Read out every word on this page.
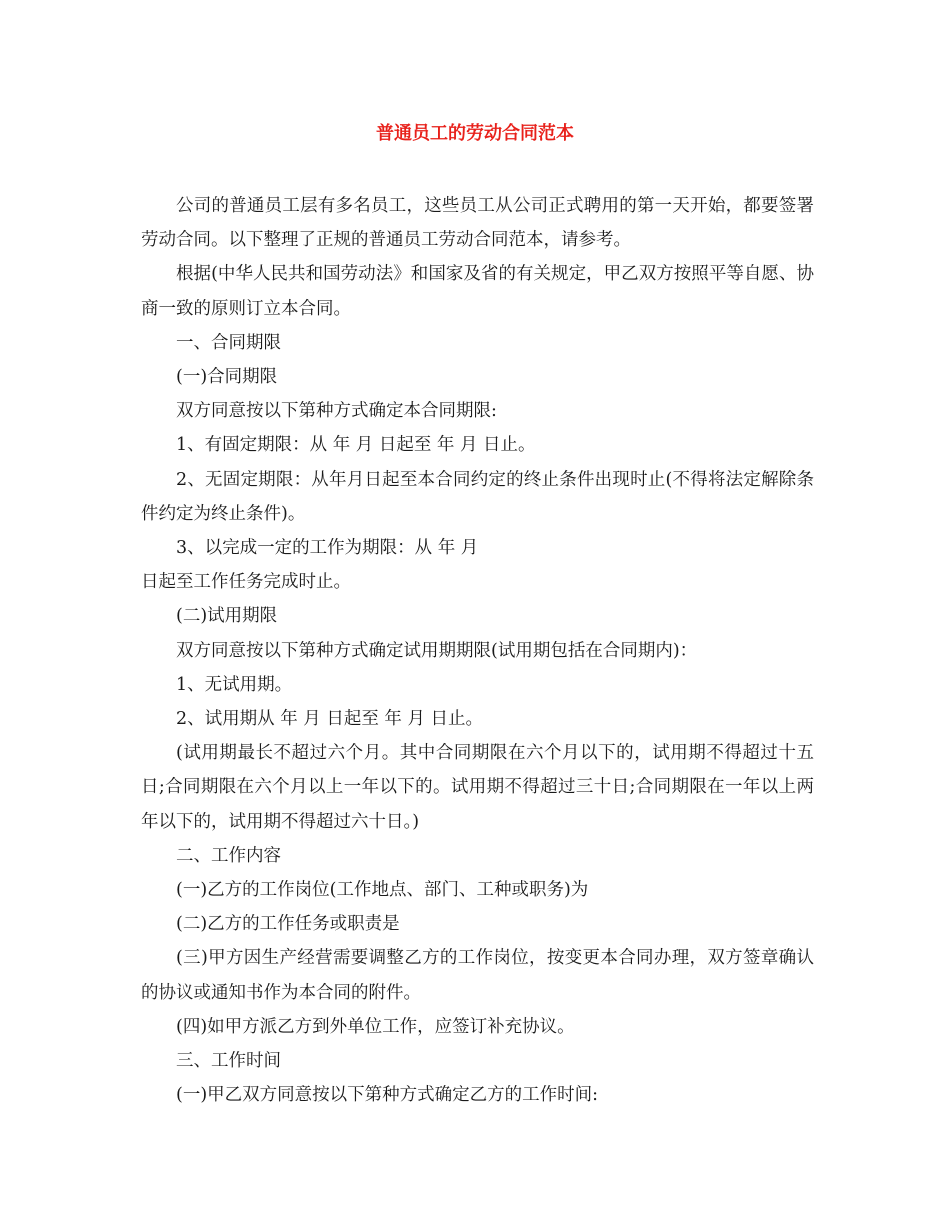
普通员工的劳动合同范本

公司的普通员工层有多名员工，这些员工从公司正式聘用的第一天开始，都要签署劳动合同。以下整理了正规的普通员工劳动合同范本，请参考。

根据(中华人民共和国劳动法》和国家及省的有关规定，甲乙双方按照平等自愿、协商一致的原则订立本合同。

一、合同期限

(一)合同期限

双方同意按以下第种方式确定本合同期限:

1、有固定期限：从 年 月 日起至 年 月 日止。

2、无固定期限：从年月日起至本合同约定的终止条件出现时止(不得将法定解除条件约定为终止条件)。

3、以完成一定的工作为期限：从 年 月

日起至工作任务完成时止。

(二)试用期限

双方同意按以下第种方式确定试用期期限(试用期包括在合同期内)：

1、无试用期。

2、试用期从 年 月 日起至 年 月 日止。

(试用期最长不超过六个月。其中合同期限在六个月以下的，试用期不得超过十五日;合同期限在六个月以上一年以下的。试用期不得超过三十日;合同期限在一年以上两年以下的，试用期不得超过六十日。)

二、工作内容

(一)乙方的工作岗位(工作地点、部门、工种或职务)为

(二)乙方的工作任务或职责是

(三)甲方因生产经营需要调整乙方的工作岗位，按变更本合同办理，双方签章确认的协议或通知书作为本合同的附件。

(四)如甲方派乙方到外单位工作，应签订补充协议。

三、工作时间

(一)甲乙双方同意按以下第种方式确定乙方的工作时间:
